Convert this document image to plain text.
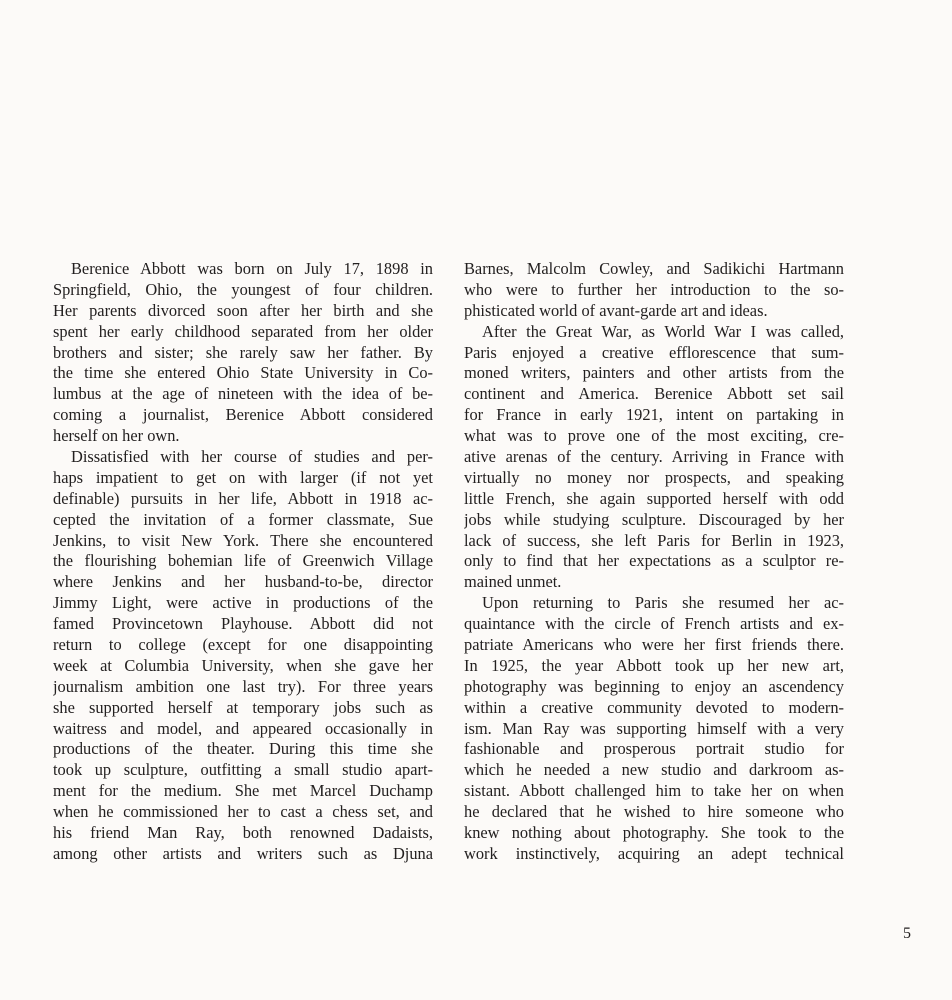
Berenice Abbott was born on July 17, 1898 in
Springfield, Ohio, the youngest of four children.
Her parents divorced soon after her birth and she
spent her early childhood separated from her older
brothers and sister; she rarely saw her father. By
the time she entered Ohio State University in Co-
lumbus at the age of nineteen with the idea of be-
coming a journalist, Berenice Abbott considered
herself on her own.
Dissatisfied with her course of studies and per-
haps impatient to get on with larger (if not yet
definable) pursuits in her life, Abbott in 1918 ac-
cepted the invitation of a former classmate, Sue
Jenkins, to visit New York. There she encountered
the flourishing bohemian life of Greenwich Village
where Jenkins and her husband-to-be, director
Jimmy Light, were active in productions of the
famed Provincetown Playhouse. Abbott did not
return to college (except for one disappointing
week at Columbia University, when she gave her
journalism ambition one last try). For three years
she supported herself at temporary jobs such as
waitress and model, and appeared occasionally in
productions of the theater. During this time she
took up sculpture, outfitting a small studio apart-
ment for the medium. She met Marcel Duchamp
when he commissioned her to cast a chess set, and
his friend Man Ray, both renowned Dadaists,
among other artists and writers such as Djuna
Barnes, Malcolm Cowley, and Sadikichi Hartmann
who were to further her introduction to the so-
phisticated world of avant-garde art and ideas.
After the Great War, as World War I was called,
Paris enjoyed a creative efflorescence that sum-
moned writers, painters and other artists from the
continent and America. Berenice Abbott set sail
for France in early 1921, intent on partaking in
what was to prove one of the most exciting, cre-
ative arenas of the century. Arriving in France with
virtually no money nor prospects, and speaking
little French, she again supported herself with odd
jobs while studying sculpture. Discouraged by her
lack of success, she left Paris for Berlin in 1923,
only to find that her expectations as a sculptor re-
mained unmet.
Upon returning to Paris she resumed her ac-
quaintance with the circle of French artists and ex-
patriate Americans who were her first friends there.
In 1925, the year Abbott took up her new art,
photography was beginning to enjoy an ascendency
within a creative community devoted to modern-
ism. Man Ray was supporting himself with a very
fashionable and prosperous portrait studio for
which he needed a new studio and darkroom as-
sistant. Abbott challenged him to take her on when
he declared that he wished to hire someone who
knew nothing about photography. She took to the
work instinctively, acquiring an adept technical
5
